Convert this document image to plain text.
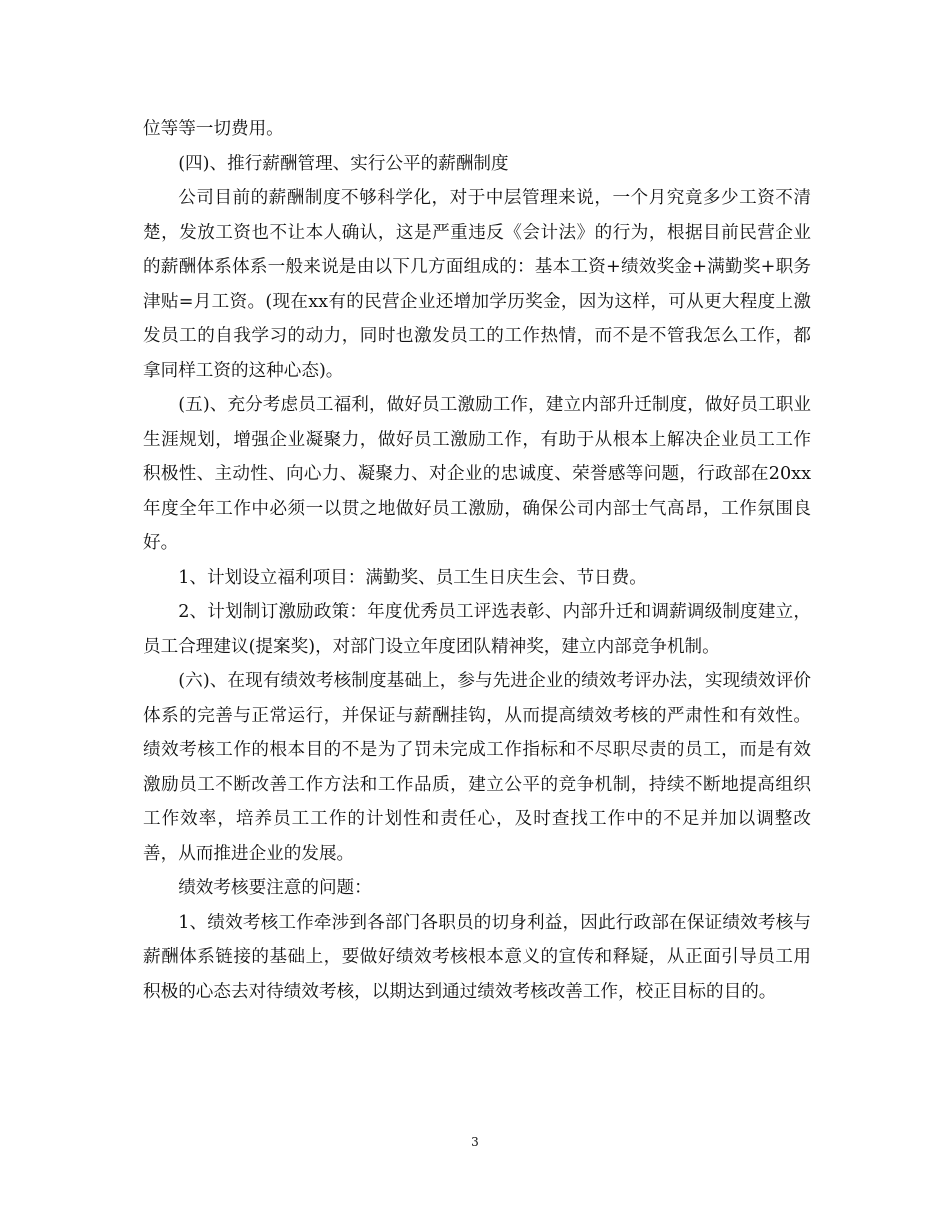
位等等一切费用。

(四)、推行薪酬管理、实行公平的薪酬制度

公司目前的薪酬制度不够科学化，对于中层管理来说，一个月究竟多少工资不清楚，发放工资也不让本人确认，这是严重违反《会计法》的行为，根据目前民营企业的薪酬体系体系一般来说是由以下几方面组成的：基本工资+绩效奖金+满勤奖+职务津贴=月工资。(现在xx有的民营企业还增加学历奖金，因为这样，可从更大程度上激发员工的自我学习的动力，同时也激发员工的工作热情，而不是不管我怎么工作，都拿同样工资的这种心态)。

(五)、充分考虑员工福利，做好员工激励工作，建立内部升迁制度，做好员工职业生涯规划，增强企业凝聚力，做好员工激励工作，有助于从根本上解决企业员工工作积极性、主动性、向心力、凝聚力、对企业的忠诚度、荣誉感等问题，行政部在20xx年度全年工作中必须一以贯之地做好员工激励，确保公司内部士气高昂，工作氛围良好。

1、计划设立福利项目：满勤奖、员工生日庆生会、节日费。

2、计划制订激励政策：年度优秀员工评选表彰、内部升迁和调薪调级制度建立，员工合理建议(提案奖)，对部门设立年度团队精神奖，建立内部竞争机制。

(六)、在现有绩效考核制度基础上，参与先进企业的绩效考评办法，实现绩效评价体系的完善与正常运行，并保证与薪酬挂钩，从而提高绩效考核的严肃性和有效性。绩效考核工作的根本目的不是为了罚未完成工作指标和不尽职尽责的员工，而是有效激励员工不断改善工作方法和工作品质，建立公平的竞争机制，持续不断地提高组织工作效率，培养员工工作的计划性和责任心，及时查找工作中的不足并加以调整改善，从而推进企业的发展。

绩效考核要注意的问题：

1、绩效考核工作牵涉到各部门各职员的切身利益，因此行政部在保证绩效考核与薪酬体系链接的基础上，要做好绩效考核根本意义的宣传和释疑，从正面引导员工用积极的心态去对待绩效考核，以期达到通过绩效考核改善工作，校正目标的目的。

3
